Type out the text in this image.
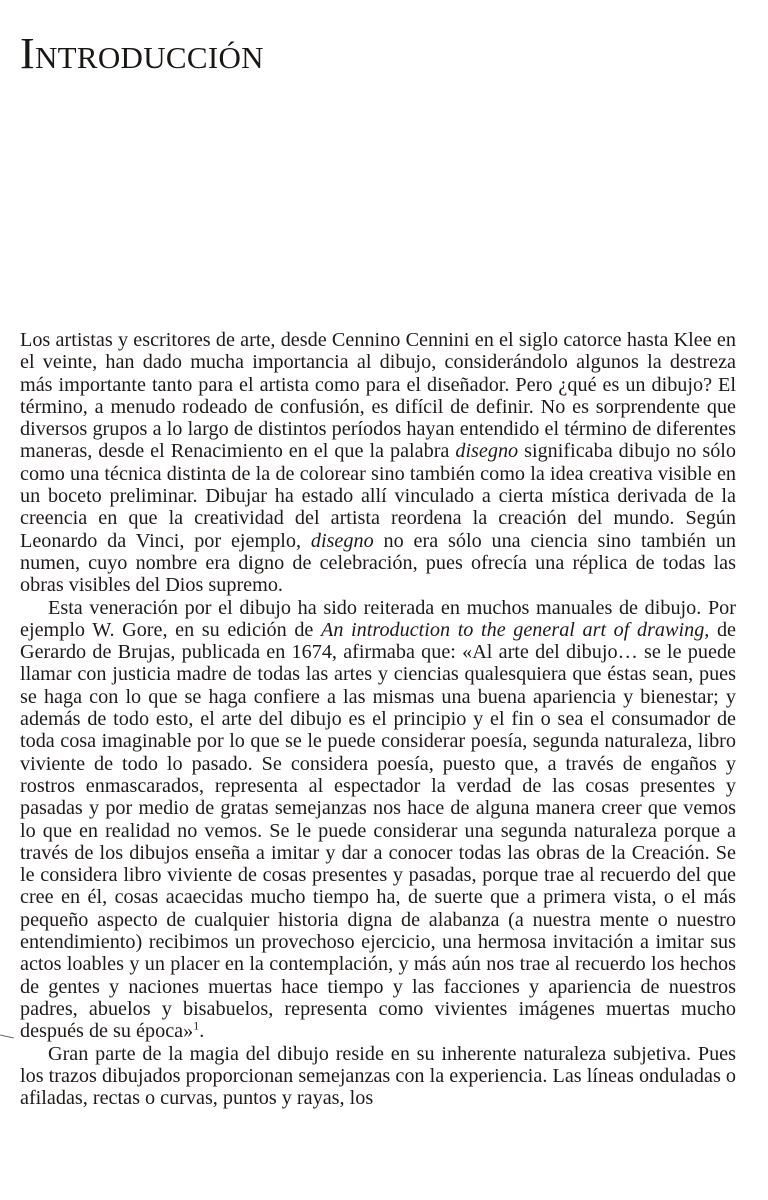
Introducción

Los artistas y escritores de arte, desde Cennino Cennini en el siglo catorce hasta Klee en el veinte, han dado mucha importancia al dibujo, considerándolo algunos la destreza más importante tanto para el artista como para el diseñador. Pero ¿qué es un dibujo? El término, a menudo rodeado de confusión, es difícil de definir. No es sorprendente que diversos grupos a lo largo de distintos períodos hayan entendido el término de diferentes maneras, desde el Renacimiento en el que la palabra disegno significaba dibujo no sólo como una técnica distinta de la de colorear sino también como la idea creativa visible en un boceto preliminar. Dibujar ha estado allí vinculado a cierta mística derivada de la creencia en que la creatividad del artista reordena la creación del mundo. Según Leonardo da Vinci, por ejemplo, disegno no era sólo una ciencia sino también un numen, cuyo nombre era digno de celebración, pues ofrecía una réplica de todas las obras visibles del Dios supremo.

Esta veneración por el dibujo ha sido reiterada en muchos manuales de dibujo. Por ejemplo W. Gore, en su edición de An introduction to the general art of drawing, de Gerardo de Brujas, publicada en 1674, afirmaba que: «Al arte del dibujo… se le puede llamar con justicia madre de todas las artes y ciencias qualesquiera que éstas sean, pues se haga con lo que se haga confiere a las mismas una buena apariencia y bienestar; y además de todo esto, el arte del dibujo es el principio y el fin o sea el consumador de toda cosa imaginable por lo que se le puede considerar poesía, segunda naturaleza, libro viviente de todo lo pasado. Se considera poesía, puesto que, a través de engaños y rostros enmascarados, representa al espectador la verdad de las cosas presentes y pasadas y por medio de gratas semejanzas nos hace de alguna manera creer que vemos lo que en realidad no vemos. Se le puede considerar una segunda naturaleza porque a través de los dibujos enseña a imitar y dar a conocer todas las obras de la Creación. Se le considera libro viviente de cosas presentes y pasadas, porque trae al recuerdo del que cree en él, cosas acaecidas mucho tiempo ha, de suerte que a primera vista, o el más pequeño aspecto de cualquier historia digna de alabanza (a nuestra mente o nuestro entendimiento) recibimos un provechoso ejercicio, una hermosa invitación a imitar sus actos loables y un placer en la contemplación, y más aún nos trae al recuerdo los hechos de gentes y naciones muertas hace tiempo y las facciones y apariencia de nuestros padres, abuelos y bisabuelos, representa como vivientes imágenes muertas mucho después de su época»$^1$.

Gran parte de la magia del dibujo reside en su inherente naturaleza subjetiva. Pues los trazos dibujados proporcionan semejanzas con la experiencia. Las líneas onduladas o afiladas, rectas o curvas, puntos y rayas, los
